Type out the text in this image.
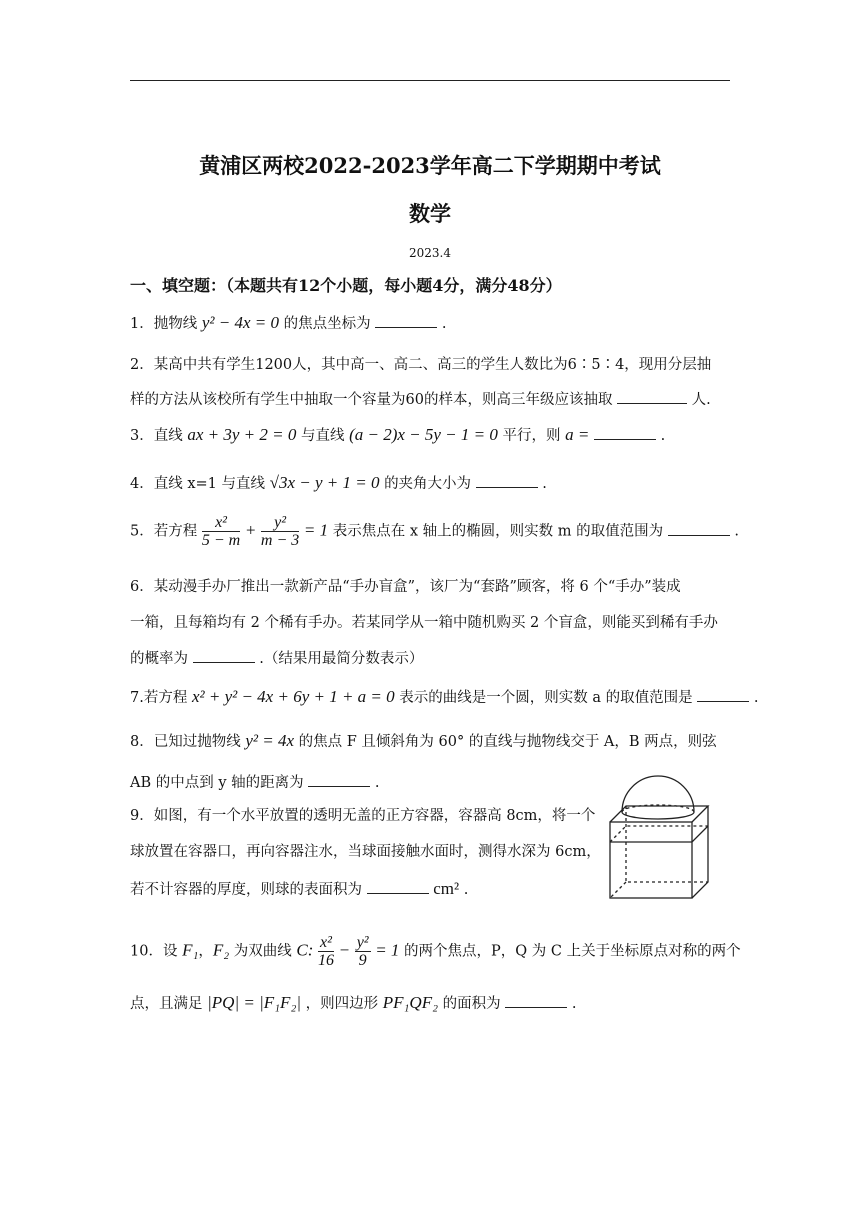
黄浦区两校2022-2023学年高二下学期期中考试
数学
2023.4
一、填空题：（本题共有12个小题，每小题4分，满分48分）
1．抛物线 y² − 4x = 0 的焦点坐标为	.
2．某高中共有学生1200人，其中高一、高二、高三的学生人数比为6∶5∶4，现用分层抽
样的方法从该校所有学生中抽取一个容量为60的样本，则高三年级应该抽取	人.
3．直线 ax + 3y + 2 = 0 与直线 (a − 2)x − 5y − 1 = 0 平行，则 a =	.
4．直线 x=1 与直线 √3x − y + 1 = 0 的夹角大小为	.
5．若方程 $\frac{\text{x²}}{5 - m} + \frac{\text{y²}}{m - 3} = 1$ 表示焦点在 x 轴上的椭圆，则实数 m 的取值范围为	.
6．某动漫手办厂推出一款新产品“手办盲盒”，该厂为“套路”顾客，将 6 个“手办”装成
一箱，且每箱均有 2 个稀有手办。若某同学从一箱中随机购买 2 个盲盒，则能买到稀有手办
的概率为	.（结果用最简分数表示）
7.若方程 x² + y² − 4x + 6y + 1 + a = 0 表示的曲线是一个圆，则实数 a 的取值范围是	.
8．已知过抛物线 y² = 4x 的焦点 F 且倾斜角为 60° 的直线与抛物线交于 A，B 两点，则弦
AB 的中点到 y 轴的距离为	.
9．如图，有一个水平放置的透明无盖的正方容器，容器高 8cm，将一个
球放置在容器口，再向容器注水，当球面接触水面时，测得水深为 6cm，
若不计容器的厚度，则球的表面积为	cm² .
10．设 F₁，F₂ 为双曲线 C: $\frac{\text{x²}}{16} - \frac{\text{y²}}{9} = 1$ 的两个焦点，P，Q 为 C 上关于坐标原点对称的两个
点，且满足 |PQ| = |F₁F₂| ，则四边形 PF₁QF₂ 的面积为	.
